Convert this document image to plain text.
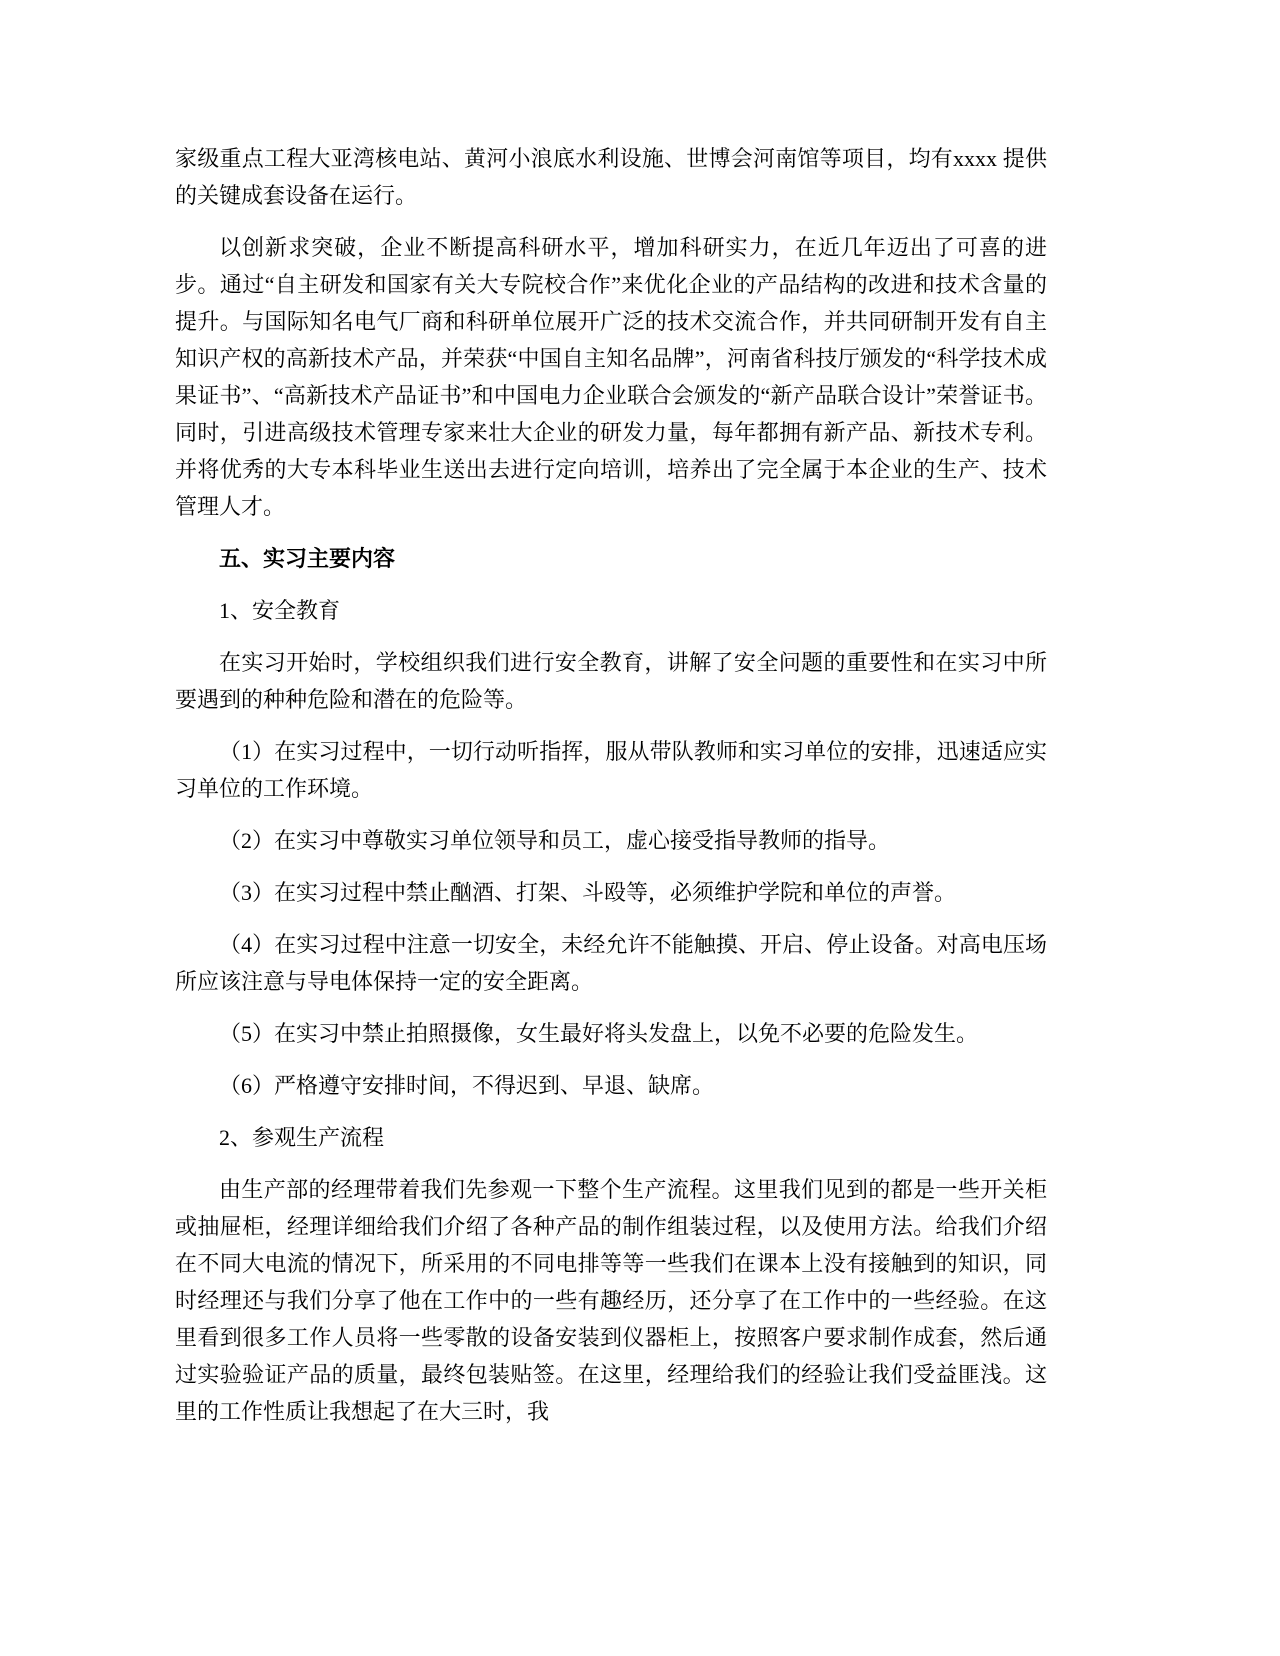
家级重点工程大亚湾核电站、黄河小浪底水利设施、世博会河南馆等项目，均有xxxx 提供的关键成套设备在运行。

以创新求突破，企业不断提高科研水平，增加科研实力，在近几年迈出了可喜的进步。通过“自主研发和国家有关大专院校合作”来优化企业的产品结构的改进和技术含量的提升。与国际知名电气厂商和科研单位展开广泛的技术交流合作，并共同研制开发有自主知识产权的高新技术产品，并荣获“中国自主知名品牌”，河南省科技厅颁发的“科学技术成果证书”、“高新技术产品证书”和中国电力企业联合会颁发的“新产品联合设计”荣誉证书。同时，引进高级技术管理专家来壮大企业的研发力量，每年都拥有新产品、新技术专利。并将优秀的大专本科毕业生送出去进行定向培训，培养出了完全属于本企业的生产、技术管理人才。

五、实习主要内容

1、安全教育

在实习开始时，学校组织我们进行安全教育，讲解了安全问题的重要性和在实习中所要遇到的种种危险和潜在的危险等。

（1）在实习过程中，一切行动听指挥，服从带队教师和实习单位的安排，迅速适应实习单位的工作环境。

（2）在实习中尊敬实习单位领导和员工，虚心接受指导教师的指导。

（3）在实习过程中禁止酗酒、打架、斗殴等，必须维护学院和单位的声誉。

（4）在实习过程中注意一切安全，未经允许不能触摸、开启、停止设备。对高电压场所应该注意与导电体保持一定的安全距离。

（5）在实习中禁止拍照摄像，女生最好将头发盘上，以免不必要的危险发生。

（6）严格遵守安排时间，不得迟到、早退、缺席。

2、参观生产流程

由生产部的经理带着我们先参观一下整个生产流程。这里我们见到的都是一些开关柜或抽屉柜，经理详细给我们介绍了各种产品的制作组装过程，以及使用方法。给我们介绍在不同大电流的情况下，所采用的不同电排等等一些我们在课本上没有接触到的知识，同时经理还与我们分享了他在工作中的一些有趣经历，还分享了在工作中的一些经验。在这里看到很多工作人员将一些零散的设备安装到仪器柜上，按照客户要求制作成套，然后通过实验验证产品的质量，最终包装贴签。在这里，经理给我们的经验让我们受益匪浅。这里的工作性质让我想起了在大三时，我
